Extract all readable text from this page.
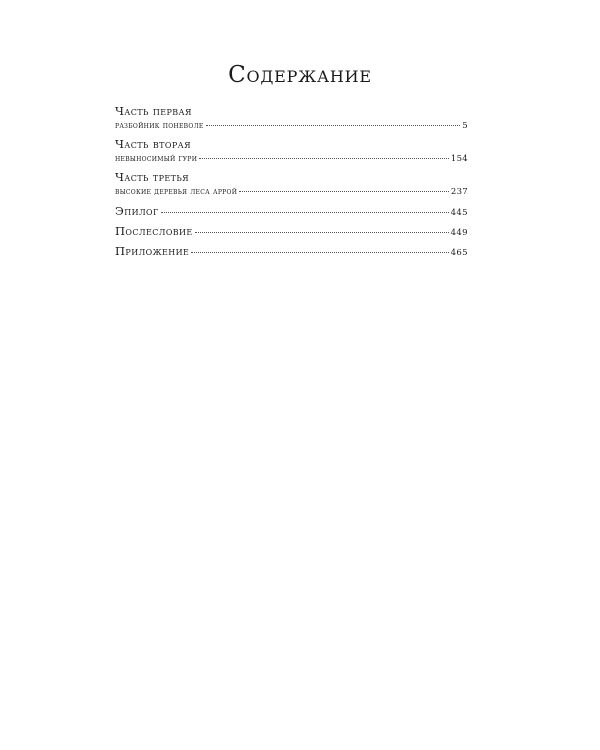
Содержание
Часть первая
разбойник поневоле	5
Часть вторая
невыносимый гури	154
Часть третья
высокие деревья леса аррой	237
Эпилог	445
Послесловие	449
Приложение	465
